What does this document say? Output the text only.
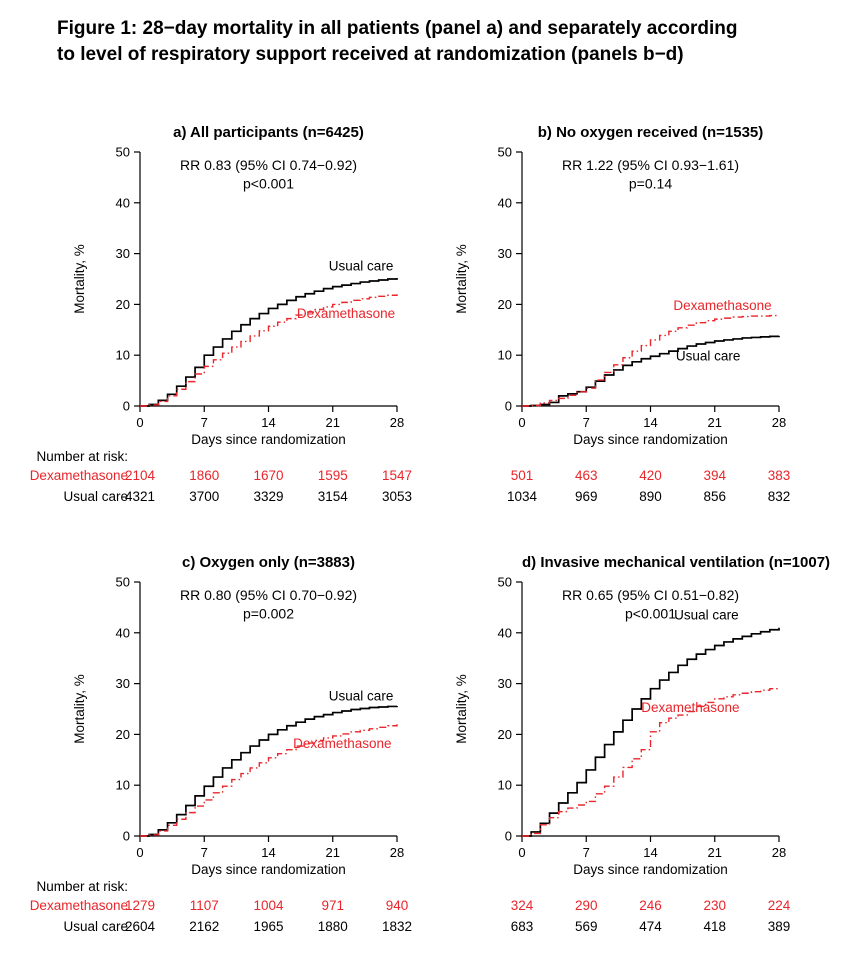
Figure 1: 28−day mortality in all patients (panel a) and separately according
to level of respiratory support received at randomization (panels b−d)
a) All participants (n=6425)
0
10
20
30
40
50
0	7	14	21	28
Days since randomization
Mortality, %
RR 0.83 (95% CI 0.74−0.92)
p<0.001
Usual care
Dexamethasone
Number at risk:
Dexamethasone
2104	1860	1670	1595	1547
Usual care
4321	3700	3329	3154	3053
b) No oxygen received (n=1535)
0
10
20
30
40
50
0	7	14	21	28
Days since randomization
Mortality, %
RR 1.22 (95% CI 0.93−1.61)
p=0.14
Usual care
Dexamethasone
501	463	420	394	383
1034	969	890	856	832
c) Oxygen only (n=3883)
0
10
20
30
40
50
0	7	14	21	28
Days since randomization
Mortality, %
RR 0.80 (95% CI 0.70−0.92)
p=0.002
Usual care
Dexamethasone
Number at risk:
Dexamethasone
1279	1107	1004	971	940
Usual care
2604	2162	1965	1880	1832
d) Invasive mechanical ventilation (n=1007)
0
10
20
30
40
50
0	7	14	21	28
Days since randomization
Mortality, %
RR 0.65 (95% CI 0.51−0.82)
p<0.001
Usual care
Dexamethasone
324	290	246	230	224
683	569	474	418	389
